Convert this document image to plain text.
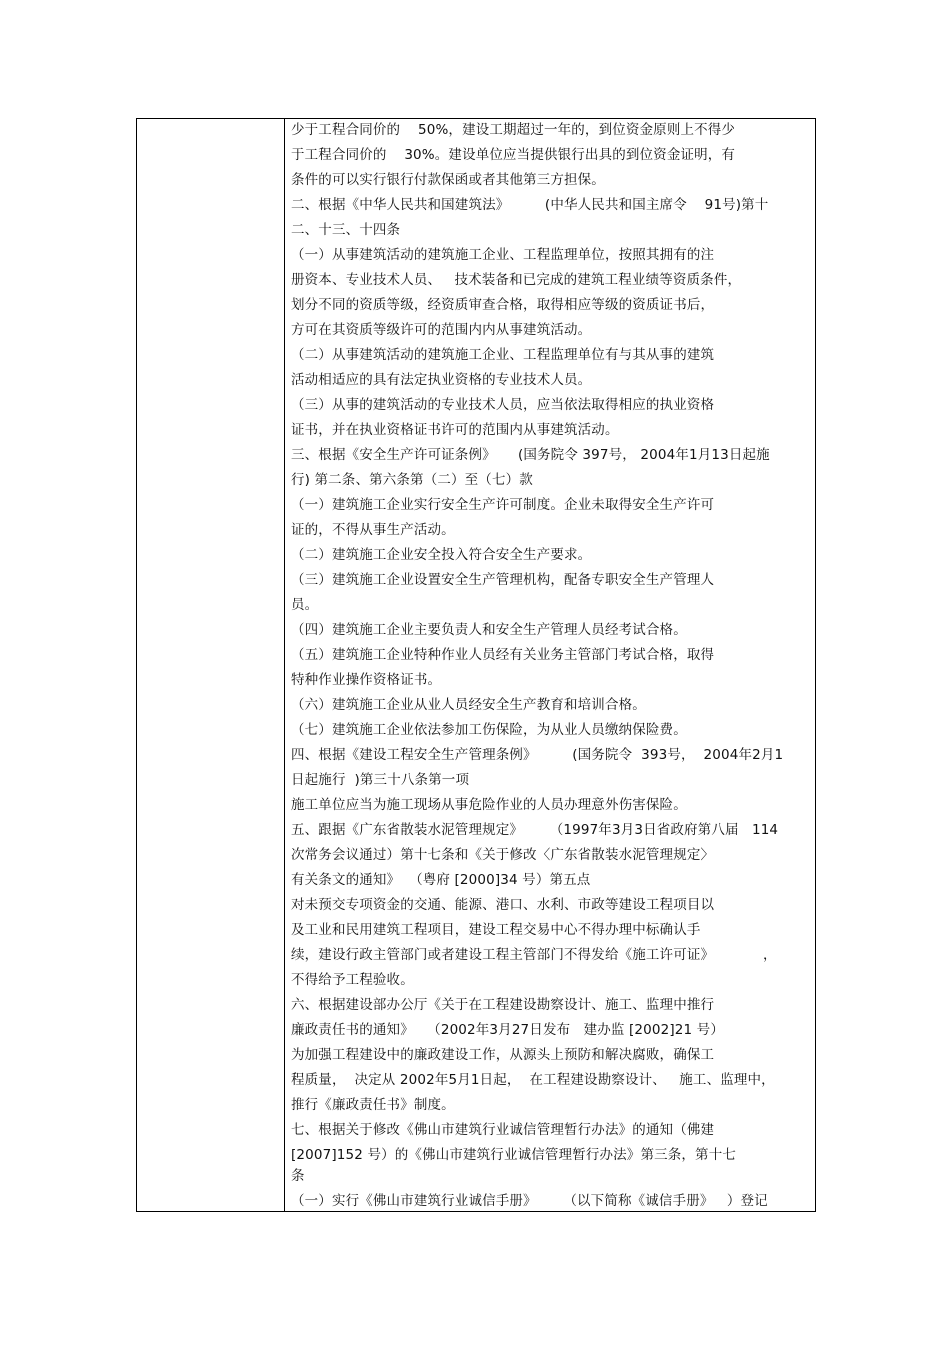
少于工程合同价的    50%，建设工期超过一年的，到位资金原则上不得少
于工程合同价的    30%。建设单位应当提供银行出具的到位资金证明，有
条件的可以实行银行付款保函或者其他第三方担保。
二、根据《中华人民共和国建筑法》        (中华人民共和国主席令    91号)第十
二、十三、十四条
（一）从事建筑活动的建筑施工企业、工程监理单位，按照其拥有的注
册资本、专业技术人员、   技术装备和已完成的建筑工程业绩等资质条件，
划分不同的资质等级，经资质审查合格，取得相应等级的资质证书后，
方可在其资质等级许可的范围内内从事建筑活动。
（二）从事建筑活动的建筑施工企业、工程监理单位有与其从事的建筑
活动相适应的具有法定执业资格的专业技术人员。
（三）从事的建筑活动的专业技术人员，应当依法取得相应的执业资格
证书，并在执业资格证书许可的范围内从事建筑活动。
三、根据《安全生产许可证条例》     (国务院令 397号， 2004年1月13日起施
行) 第二条、第六条第（二）至（七）款
（一）建筑施工企业实行安全生产许可制度。企业未取得安全生产许可
证的，不得从事生产活动。
（二）建筑施工企业安全投入符合安全生产要求。
（三）建筑施工企业设置安全生产管理机构，配备专职安全生产管理人
员。
（四）建筑施工企业主要负责人和安全生产管理人员经考试合格。
（五）建筑施工企业特种作业人员经有关业务主管部门考试合格，取得
特种作业操作资格证书。
（六）建筑施工企业从业人员经安全生产教育和培训合格。
（七）建筑施工企业依法参加工伤保险，为从业人员缴纳保险费。
四、根据《建设工程安全生产管理条例》        (国务院令  393号，  2004年2月1
日起施行  )第三十八条第一项
施工单位应当为施工现场从事危险作业的人员办理意外伤害保险。
五、跟据《广东省散装水泥管理规定》      （1997年3月3日省政府第八届   114
次常务会议通过）第十七条和《关于修改〈广东省散装水泥管理规定〉
有关条文的通知》  （粤府 [2000]34 号）第五点
对未预交专项资金的交通、能源、港口、水利、市政等建设工程项目以
及工业和民用建筑工程项目，建设工程交易中心不得办理中标确认手
续，建设行政主管部门或者建设工程主管部门不得发给《施工许可证》           ，
不得给予工程验收。
六、根据建设部办公厅《关于在工程建设勘察设计、施工、监理中推行
廉政责任书的通知》   （2002年3月27日发布   建办监 [2002]21 号）
为加强工程建设中的廉政建设工作，从源头上预防和解决腐败，确保工
程质量，  决定从 2002年5月1日起，  在工程建设勘察设计、   施工、监理中，
推行《廉政责任书》制度。
七、根据关于修改《佛山市建筑行业诚信管理暂行办法》的通知（佛建
[2007]152 号）的《佛山市建筑行业诚信管理暂行办法》第三条，第十七
条
（一）实行《佛山市建筑行业诚信手册》      （以下简称《诚信手册》   ）登记
